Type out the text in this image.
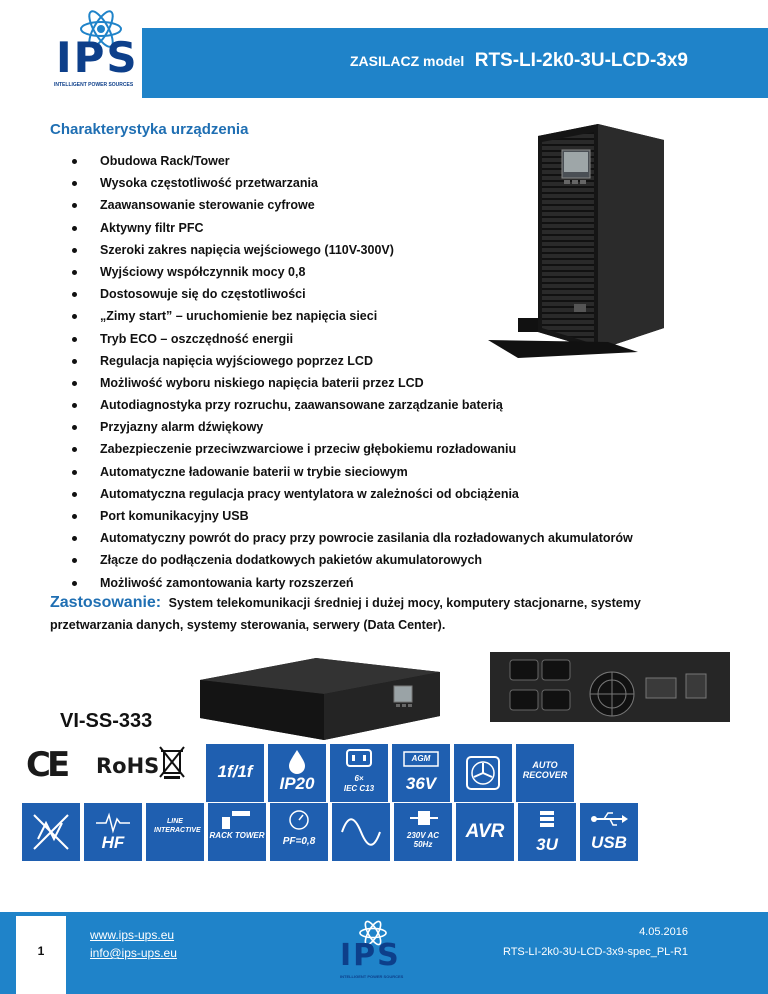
ZASILACZ model RTS-LI-2k0-3U-LCD-3x9
IPS
INTELLIGENT POWER SOURCES
Charakterystyka urządzenia
Obudowa Rack/Tower
Wysoka częstotliwość przetwarzania
Zaawansowanie sterowanie cyfrowe
Aktywny filtr PFC
Szeroki zakres napięcia wejściowego (110V-300V)
Wyjściowy współczynnik mocy 0,8
Dostosowuje się do częstotliwości
„Zimy start” – uruchomienie bez napięcia sieci
Tryb ECO – oszczędność energii
Regulacja napięcia wyjściowego poprzez LCD
Możliwość wyboru niskiego napięcia baterii przez LCD
Autodiagnostyka przy rozruchu, zaawansowane zarządzanie baterią
Przyjazny alarm dźwiękowy
Zabezpieczenie przeciwzwarciowe i przeciw głębokiemu rozładowaniu
Automatyczne ładowanie baterii w trybie sieciowym
Automatyczna regulacja pracy wentylatora w zależności od obciążenia
Port komunikacyjny USB
Automatyczny powrót do pracy przy powrocie zasilania dla rozładowanych akumulatorów
Złącze do podłączenia dodatkowych pakietów akumulatorowych
Możliwość zamontowania karty rozszerzeń
Zastosowanie: System telekomunikacji średniej i dużej mocy, komputery stacjonarne, systemy przetwarzania danych, systemy sterowania, serwery (Data Center).
VI-SS-333
CE RoHS	1f/1f
IP20	6×
IEC C13
AGM
36V
AUTO RECOVER
HF
LINE INTERACTIVE
RACK TOWER
PF=0,8
230V AC 50Hz
AVR
3U	USB
1
www.ips-ups.eu
info@ips-ups.eu	IPS
INTELLIGENT POWER SOURCES
4.05.2016
RTS-LI-2k0-3U-LCD-3x9-spec_PL-R1
